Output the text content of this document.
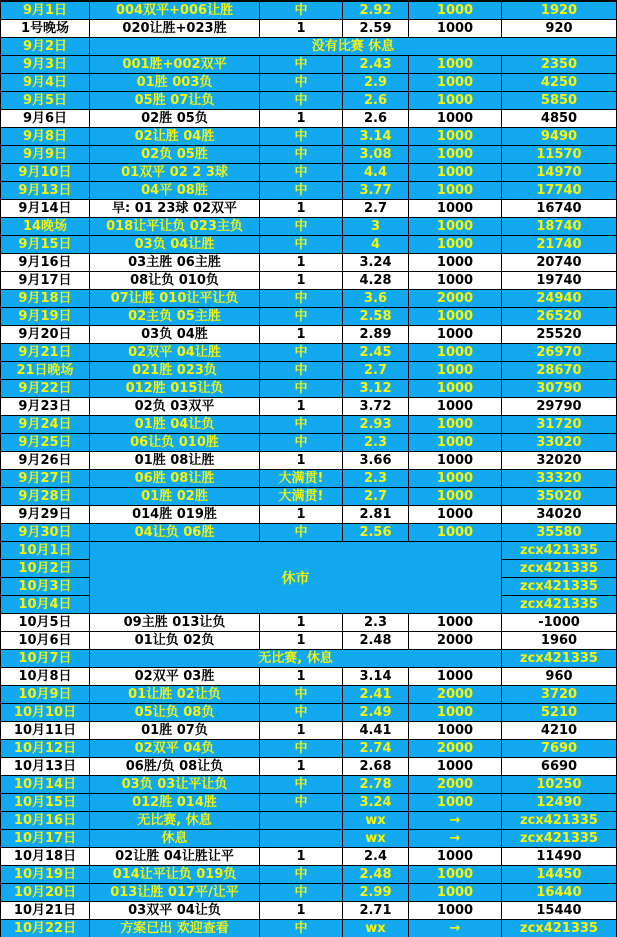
9月1日	004双平+006让胜	中	2.92	1000	1920
1号晚场	020让胜+023胜	1	2.59	1000	920
9月2日	没有比赛 休息
9月3日	001胜+002双平	中	2.43	1000	2350
9月4日	01胜 003负	中	2.9	1000	4250
9月5日	05胜 07让负	中	2.6	1000	5850
9月6日	02胜 05负	1	2.6	1000	4850
9月8日	02让胜 04胜	中	3.14	1000	9490
9月9日	02负 05胜	中	3.08	1000	11570
9月10日	01双平 02 2 3球	中	4.4	1000	14970
9月13日	04平 08胜	中	3.77	1000	17740
9月14日	早: 01 23球 02双平	1	2.7	1000	16740
14晚场	018让平让负 023主负	中	3	1000	18740
9月15日	03负 04让胜	中	4	1000	21740
9月16日	03主胜 06主胜	1	3.24	1000	20740
9月17日	08让负 010负	1	4.28	1000	19740
9月18日	07让胜 010让平让负	中	3.6	2000	24940
9月19日	02主负 05主胜	中	2.58	1000	26520
9月20日	03负 04胜	1	2.89	1000	25520
9月21日	02双平 04让胜	中	2.45	1000	26970
21日晚场	021胜 023负	中	2.7	1000	28670
9月22日	012胜 015让负	中	3.12	1000	30790
9月23日	02负 03双平	1	3.72	1000	29790
9月24日	01胜 04让负	中	2.93	1000	31720
9月25日	06让负 010胜	中	2.3	1000	33020
9月26日	01胜 08让胜	1	3.66	1000	32020
9月27日	06胜 08让胜	大满贯!	2.3	1000	33320
9月28日	01胜 02胜	大满贯!	2.7	1000	35020
9月29日	014胜 019胜	1	2.81	1000	34020
9月30日	04让负 06胜	中	2.56	1000	35580
10月1日	zcx421335
休市
10月2日	zcx421335
10月3日	zcx421335
10月4日	zcx421335
10月5日	09主胜 013让负	1	2.3	1000	-1000
10月6日	01让负 02负	1	2.48	2000	1960
10月7日	无比赛, 休息	zcx421335
10月8日	02双平 03胜	1	3.14	1000	960
10月9日	01让胜 02让负	中	2.41	2000	3720
10月10日	05让负 08负	中	2.49	1000	5210
10月11日	01胜 07负	1	4.41	1000	4210
10月12日	02双平 04负	中	2.74	2000	7690
10月13日	06胜/负 08让负	1	2.68	1000	6690
10月14日	03负 03让平让负	中	2.78	2000	10250
10月15日	012胜 014胜	中	3.24	1000	12490
10月16日	无比赛, 休息	wx	→	zcx421335
10月17日	休息	wx	→	zcx421335
10月18日	02让胜 04让胜让平	1	2.4	1000	11490
10月19日	014让平让负 019负	中	2.48	1000	14450
10月20日	013让胜 017平/让平	中	2.99	1000	16440
10月21日	03双平 04让负	1	2.71	1000	15440
10月22日	方案已出 欢迎查看	中	wx	→	zcx421335
